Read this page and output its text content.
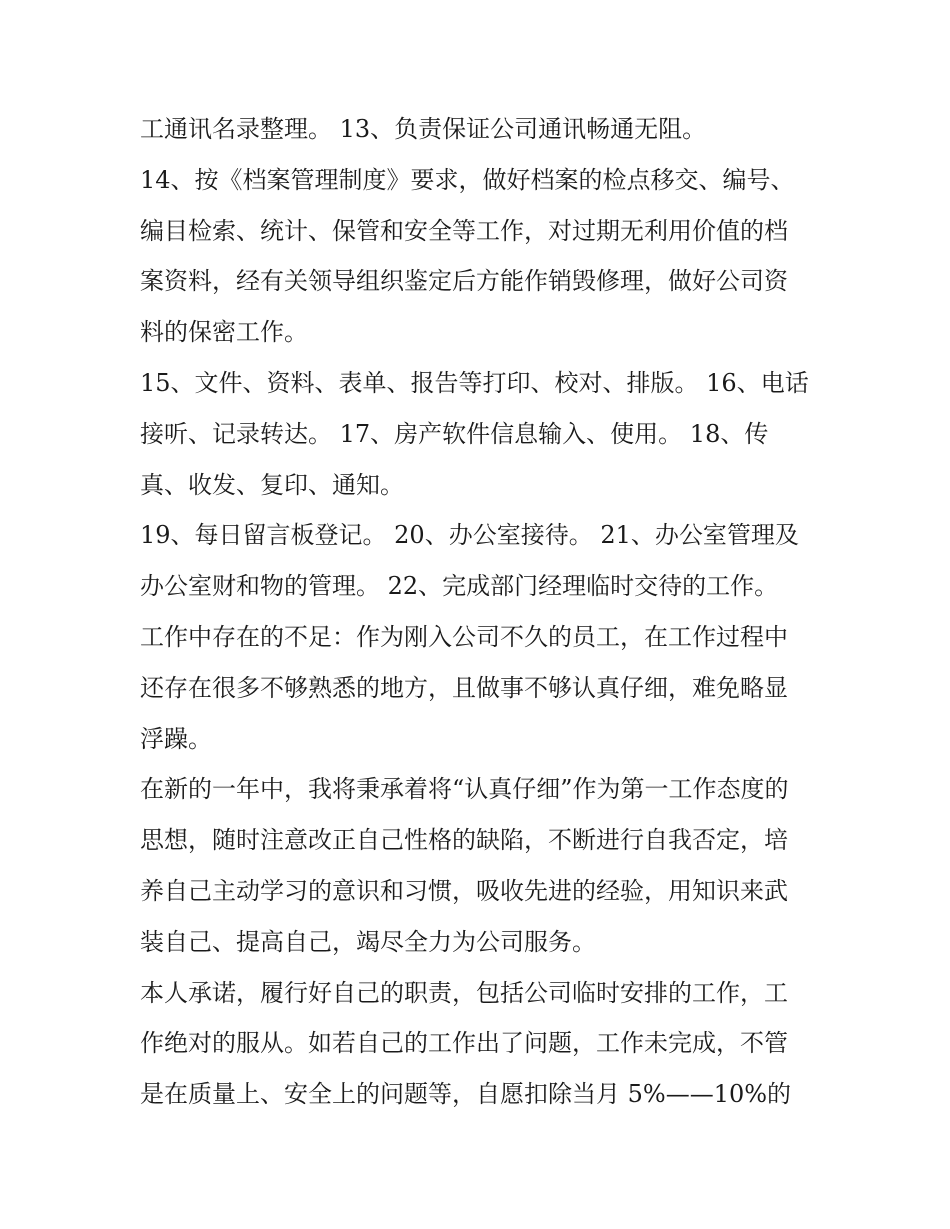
工通讯名录整理。 13、负责保证公司通讯畅通无阻。
14、按《档案管理制度》要求，做好档案的检点移交、编号、
编目检索、统计、保管和安全等工作，对过期无利用价值的档
案资料，经有关领导组织鉴定后方能作销毁修理，做好公司资
料的保密工作。
15、文件、资料、表单、报告等打印、校对、排版。 16、电话
接听、记录转达。 17、房产软件信息输入、使用。 18、传
真、收发、复印、通知。
19、每日留言板登记。 20、办公室接待。 21、办公室管理及
办公室财和物的管理。 22、完成部门经理临时交待的工作。
工作中存在的不足：作为刚入公司不久的员工，在工作过程中
还存在很多不够熟悉的地方，且做事不够认真仔细，难免略显
浮躁。
在新的一年中，我将秉承着将“认真仔细”作为第一工作态度的
思想，随时注意改正自己性格的缺陷，不断进行自我否定，培
养自己主动学习的意识和习惯，吸收先进的经验，用知识来武
装自己、提高自己，竭尽全力为公司服务。
本人承诺，履行好自己的职责，包括公司临时安排的工作，工
作绝对的服从。如若自己的工作出了问题，工作未完成，不管
是在质量上、安全上的问题等，自愿扣除当月 5%——10%的
